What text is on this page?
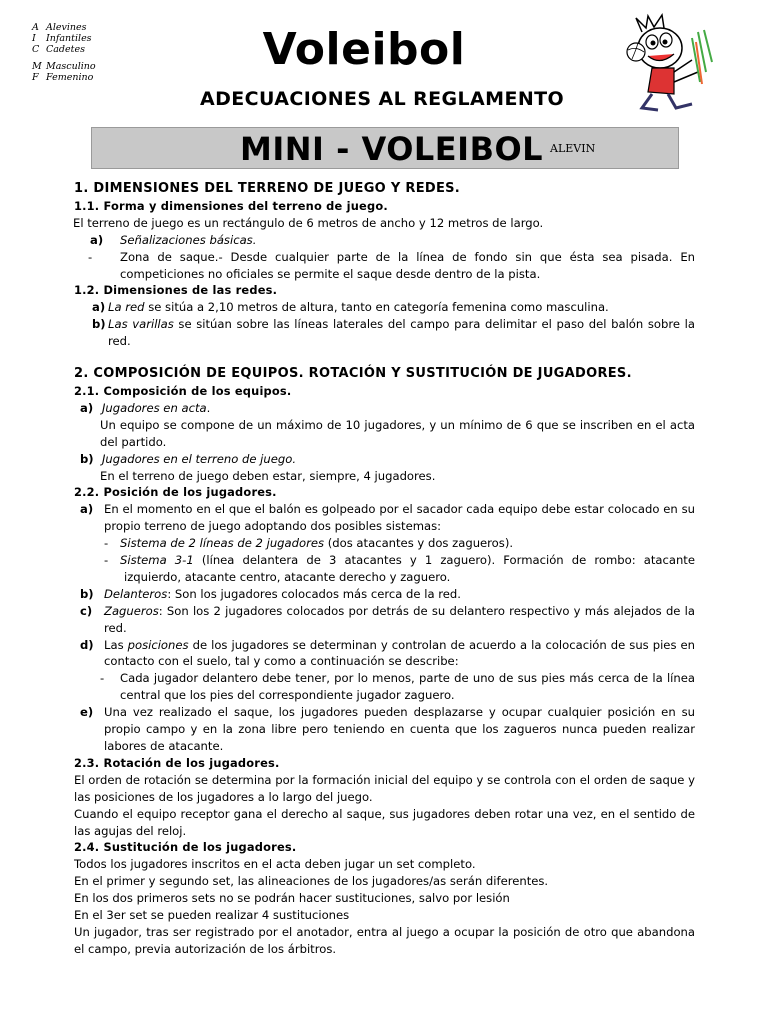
A Alevines
I	Infantiles
C Cadetes
M Masculino
F Femenino
Voleibol
ADECUACIONES AL REGLAMENTO
MINI - VOLEIBOL ALEVIN

1. DIMENSIONES DEL TERRENO DE JUEGO Y REDES.

1.1. Forma y dimensiones del terreno de juego.

El terreno de juego es un rectángulo de 6 metros de ancho y 12 metros de largo.

a) Señalizaciones básicas.

- Zona de saque.- Desde cualquier parte de la línea de fondo sin que ésta sea pisada. En competiciones no oficiales se permite el saque desde dentro de la pista.

1.2. Dimensiones de las redes.

a) La red se sitúa a 2,10 metros de altura, tanto en categoría femenina como masculina.

b) Las varillas se sitúan sobre las líneas laterales del campo para delimitar el paso del balón sobre la red.

2. COMPOSICIÓN DE EQUIPOS. ROTACIÓN Y SUSTITUCIÓN DE JUGADORES.

2.1. Composición de los equipos.

a) Jugadores en acta.

Un equipo se compone de un máximo de 10 jugadores, y un mínimo de 6 que se inscriben en el acta del partido.

b) Jugadores en el terreno de juego.

En el terreno de juego deben estar, siempre, 4 jugadores.

2.2. Posición de los jugadores.

a) En el momento en el que el balón es golpeado por el sacador cada equipo debe estar colocado en su propio terreno de juego adoptando dos posibles sistemas:

- Sistema de 2 líneas de 2 jugadores (dos atacantes y dos zagueros).

- Sistema 3-1 (línea delantera de 3 atacantes y 1 zaguero). Formación de rombo: atacante izquierdo, atacante centro, atacante derecho y zaguero.

b) Delanteros: Son los jugadores colocados más cerca de la red.

c) Zagueros: Son los 2 jugadores colocados por detrás de su delantero respectivo y más alejados de la red.

d) Las posiciones de los jugadores se determinan y controlan de acuerdo a la colocación de sus pies en contacto con el suelo, tal y como a continuación se describe:

- Cada jugador delantero debe tener, por lo menos, parte de uno de sus pies más cerca de la línea central que los pies del correspondiente jugador zaguero.

e) Una vez realizado el saque, los jugadores pueden desplazarse y ocupar cualquier posición en su propio campo y en la zona libre pero teniendo en cuenta que los zagueros nunca pueden realizar labores de atacante.

2.3. Rotación de los jugadores.

El orden de rotación se determina por la formación inicial del equipo y se controla con el orden de saque y las posiciones de los jugadores a lo largo del juego.

Cuando el equipo receptor gana el derecho al saque, sus jugadores deben rotar una vez, en el sentido de las agujas del reloj.

2.4. Sustitución de los jugadores.

Todos los jugadores inscritos en el acta deben jugar un set completo.

En el primer y segundo set, las alineaciones de los jugadores/as serán diferentes.

En los dos primeros sets no se podrán hacer sustituciones, salvo por lesión

En el 3er set se pueden realizar 4 sustituciones

Un jugador, tras ser registrado por el anotador, entra al juego a ocupar la posición de otro que abandona el campo, previa autorización de los árbitros.
